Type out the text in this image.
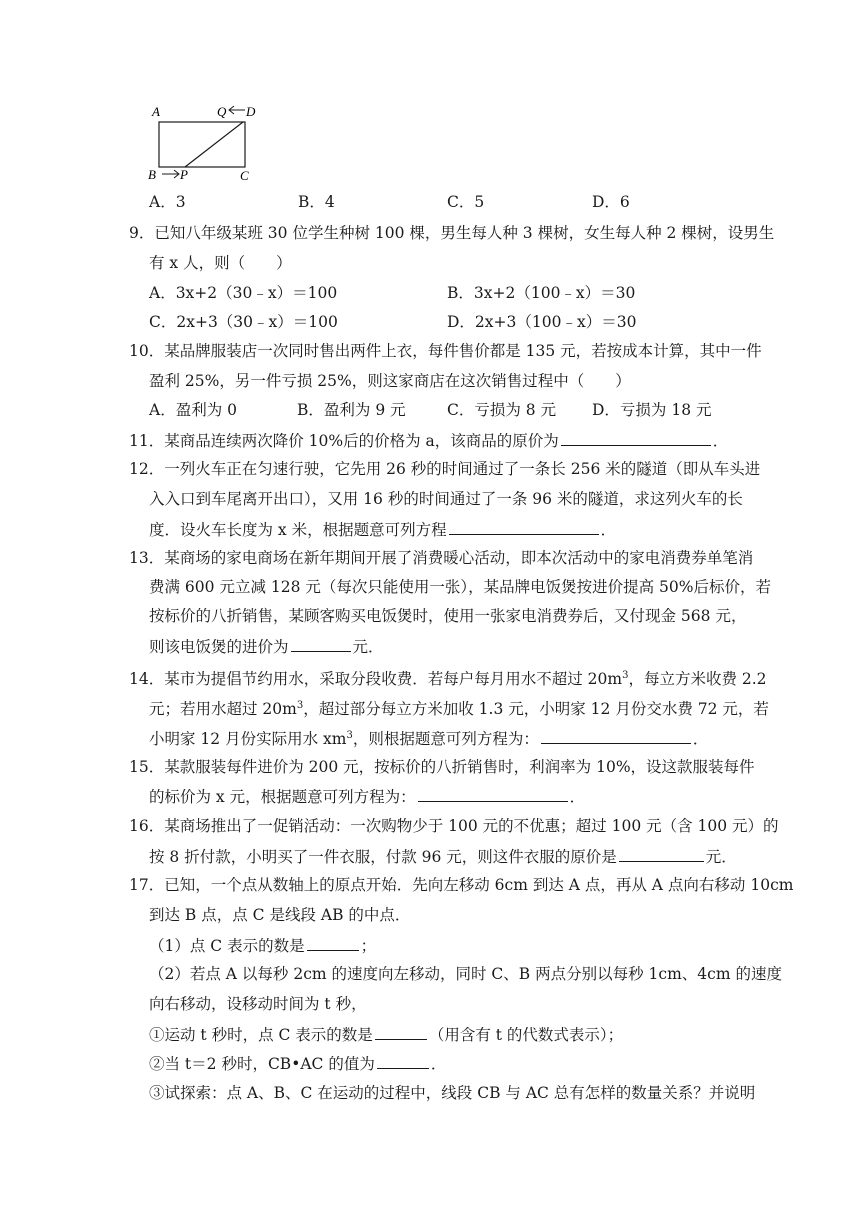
A	Q D
B P	C
A．3	B．4	C．5	D．6
9．已知八年级某班 30 位学生种树 100 棵，男生每人种 3 棵树，女生每人种 2 棵树，设男生
有 x 人，则（　　）
A．3x+2（30﹣x）＝100	B．3x+2（100﹣x）＝30
C．2x+3（30﹣x）＝100	D．2x+3（100﹣x）＝30
10．某品牌服装店一次同时售出两件上衣，每件售价都是 135 元，若按成本计算，其中一件
盈利 25%，另一件亏损 25%，则这家商店在这次销售过程中（　　）
A．盈利为 0	B．盈利为 9 元	C．亏损为 8 元 D．亏损为 18 元
11．某商品连续两次降价 10%后的价格为 a，该商品的原价为	．
12．一列火车正在匀速行驶，它先用 26 秒的时间通过了一条长 256 米的隧道（即从车头进
入入口到车尾离开出口），又用 16 秒的时间通过了一条 96 米的隧道，求这列火车的长
度．设火车长度为 x 米，根据题意可列方程	．
13．某商场的家电商场在新年期间开展了消费暖心活动，即本次活动中的家电消费券单笔消
费满 600 元立减 128 元（每次只能使用一张），某品牌电饭煲按进价提高 50%后标价，若
按标价的八折销售，某顾客购买电饭煲时，使用一张家电消费券后，又付现金 568 元，
则该电饭煲的进价为	元．
14．某市为提倡节约用水，采取分段收费．若每户每月用水不超过 $20m^3$，每立方米收费 2.2
元；若用水超过 $20m^3$，超过部分每立方米加收 1.3 元，小明家 12 月份交水费 72 元，若
小明家 12 月份实际用水 $xm^3$，则根据题意可列方程为：	．
15．某款服装每件进价为 200 元，按标价的八折销售时，利润率为 10%，设这款服装每件
的标价为 x 元，根据题意可列方程为：	．
16．某商场推出了一促销活动：一次购物少于 100 元的不优惠；超过 100 元（含 100 元）的
按 8 折付款，小明买了一件衣服，付款 96 元，则这件衣服的原价是	元．
17．已知，一个点从数轴上的原点开始．先向左移动 6cm 到达 A 点，再从 A 点向右移动 10cm
到达 B 点，点 C 是线段 AB 的中点．
（1）点 C 表示的数是	；
（2）若点 A 以每秒 2cm 的速度向左移动，同时 C、B 两点分别以每秒 1cm、4cm 的速度
向右移动，设移动时间为 t 秒，
①运动 t 秒时，点 C 表示的数是	（用含有 t 的代数式表示）；
②当 t＝2 秒时，CB•AC 的值为	．
③试探索：点 A、B、C 在运动的过程中，线段 CB 与 AC 总有怎样的数量关系？并说明
